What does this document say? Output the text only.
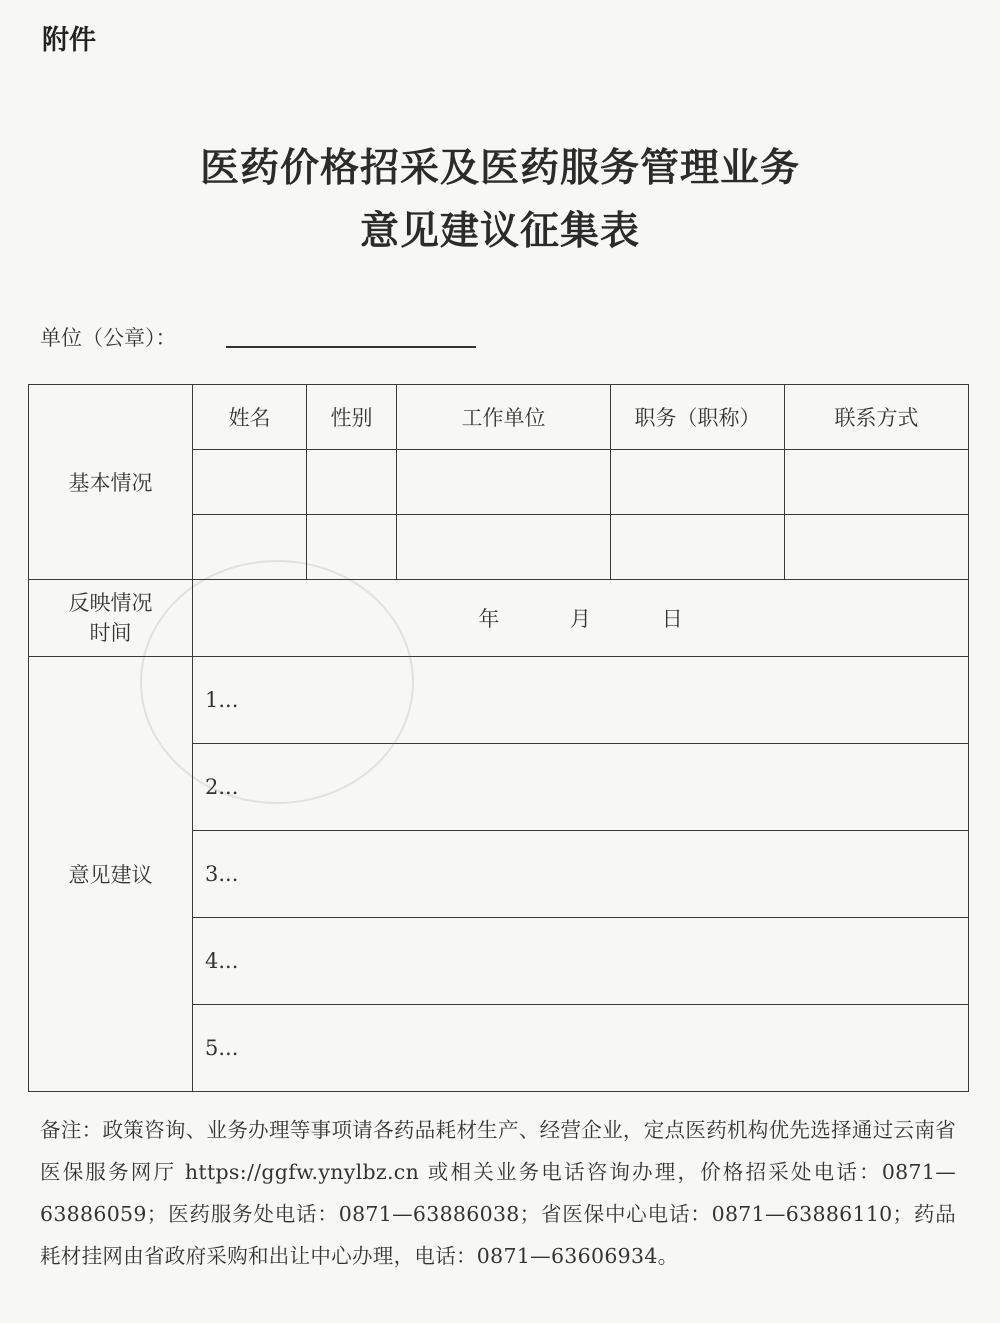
附件
医药价格招采及医药服务管理业务
意见建议征集表
单位（公章）：
基本情况	姓名	性别	工作单位	职务（职称）	联系方式

反映情况
时间	年 月 日				
意见建议	1...				
	2...				
	3...				
	4...				
	5...				
备注：政策咨询、业务办理等事项请各药品耗材生产、经营企业，定点医药机构优先选择通过云南省医保服务网厅 https://ggfw.ynylbz.cn 或相关业务电话咨询办理，价格招采处电话：0871—63886059；医药服务处电话：0871—63886038；省医保中心电话：0871—63886110；药品耗材挂网由省政府采购和出让中心办理，电话：0871—63606934。
